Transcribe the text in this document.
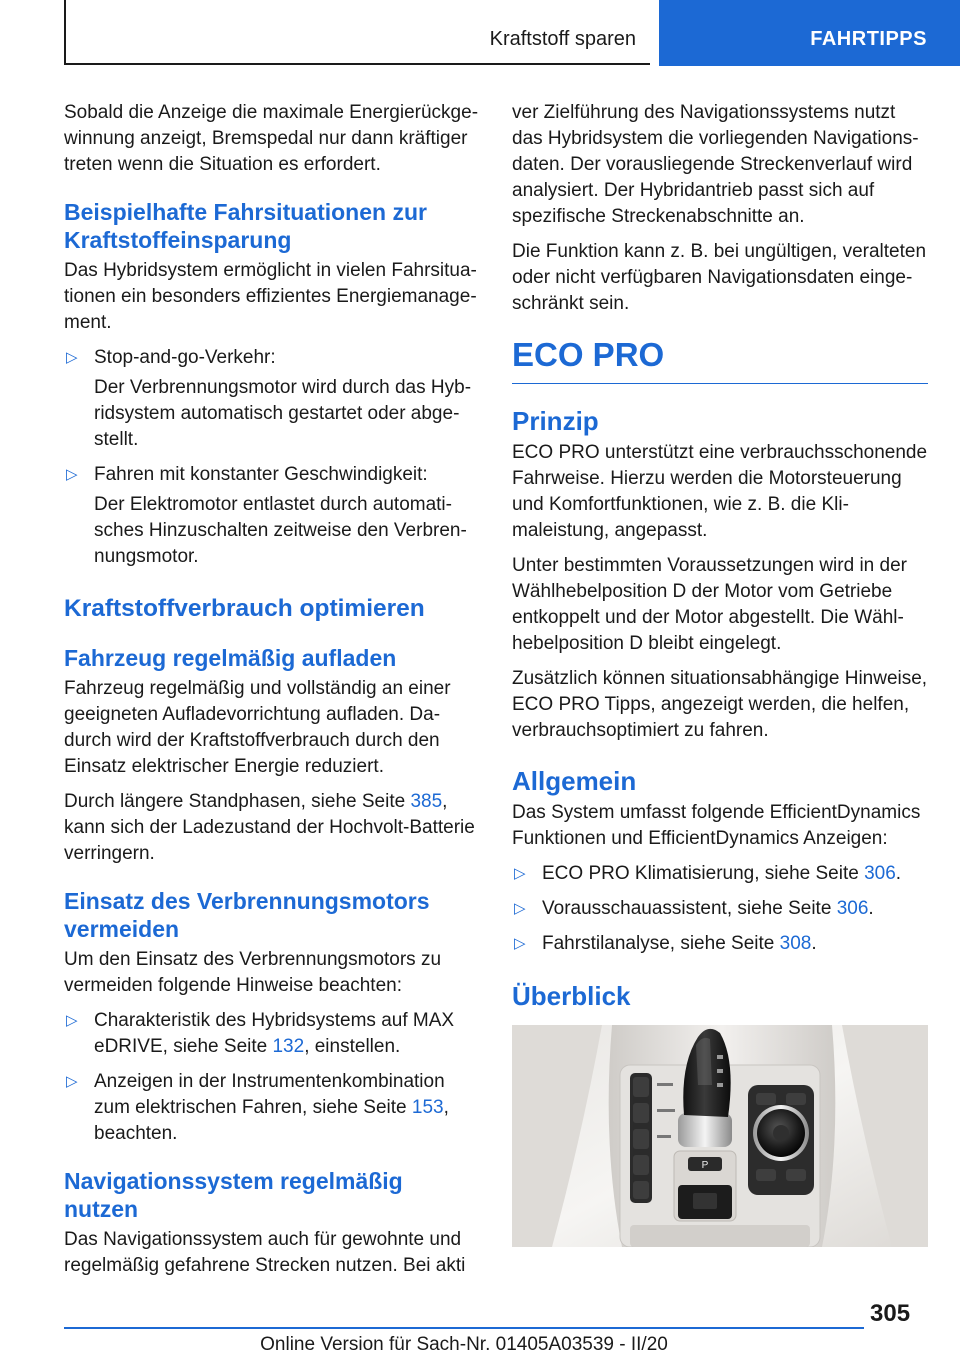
Kraftstoff sparen	FAHRTIPPS

Sobald die Anzeige die maximale Energierückgewinnung anzeigt, Bremspedal nur dann kräftiger treten wenn die Situation es erfordert.

Beispielhafte Fahrsituationen zur Kraftstoffeinsparung

Das Hybridsystem ermöglicht in vielen Fahrsituationen ein besonders effizientes Energiemanagement.

▷ Stop-and-go-Verkehr:
Der Verbrennungsmotor wird durch das Hybridsystem automatisch gestartet oder abgestellt.
▷ Fahren mit konstanter Geschwindigkeit:
Der Elektromotor entlastet durch automatisches Hinzuschalten zeitweise den Verbrennungsmotor.
Kraftstoffverbrauch optimieren
Fahrzeug regelmäßig aufladen

Fahrzeug regelmäßig und vollständig an einer geeigneten Aufladevorrichtung aufladen. Dadurch wird der Kraftstoffverbrauch durch den Einsatz elektrischer Energie reduziert.

Durch längere Standphasen, siehe Seite 385, kann sich der Ladezustand der Hochvolt-Batterie verringern.

Einsatz des Verbrennungsmotors vermeiden

Um den Einsatz des Verbrennungsmotors zu vermeiden folgende Hinweise beachten:

▷ Charakteristik des Hybridsystems auf MAX eDRIVE, siehe Seite 132, einstellen.
▷ Anzeigen in der Instrumentenkombination zum elektrischen Fahren, siehe Seite 153, beachten.
Navigationssystem regelmäßig nutzen

Das Navigationssystem auch für gewohnte und regelmäßig gefahrene Strecken nutzen. Bei akti

ver Zielführung des Navigationssystems nutzt das Hybridsystem die vorliegenden Navigationsdaten. Der vorausliegende Streckenverlauf wird analysiert. Der Hybridantrieb passt sich auf spezifische Streckenabschnitte an.

Die Funktion kann z. B. bei ungültigen, veralteten oder nicht verfügbaren Navigationsdaten eingeschränkt sein.

ECO PRO
Prinzip

ECO PRO unterstützt eine verbrauchsschonende Fahrweise. Hierzu werden die Motorsteuerung und Komfortfunktionen, wie z. B. die Klimaleistung, angepasst.

Unter bestimmten Voraussetzungen wird in der Wählhebelposition D der Motor vom Getriebe entkoppelt und der Motor abgestellt. Die Wählhebelposition D bleibt eingelegt.

Zusätzlich können situationsabhängige Hinweise, ECO PRO Tipps, angezeigt werden, die helfen, verbrauchsoptimiert zu fahren.

Allgemein

Das System umfasst folgende EfficientDynamics Funktionen und EfficientDynamics Anzeigen:

▷ ECO PRO Klimatisierung, siehe Seite 306.
▷ Vorausschauassistent, siehe Seite 306.
▷ Fahrstilanalyse, siehe Seite 308.
Überblick
P
305
Online Version für Sach-Nr. 01405A03539 - II/20
